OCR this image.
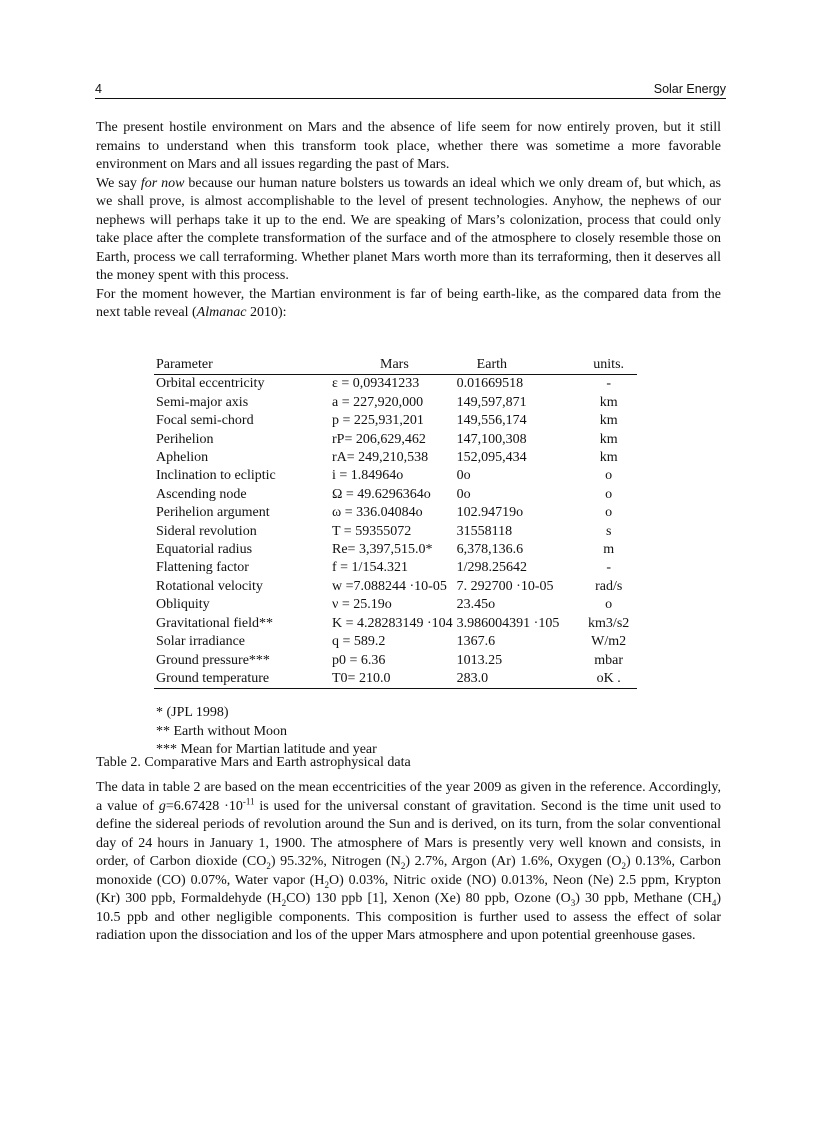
4	Solar Energy

The present hostile environment on Mars and the absence of life seem for now entirely proven, but it still remains to understand when this transform took place, whether there was sometime a more favorable environment on Mars and all issues regarding the past of Mars.

We say for now because our human nature bolsters us towards an ideal which we only dream of, but which, as we shall prove, is almost accomplishable to the level of present technologies. Anyhow, the nephews of our nephews will perhaps take it up to the end. We are speaking of Mars’s colonization, process that could only take place after the complete transformation of the surface and of the atmosphere to closely resemble those on Earth, process we call terraforming. Whether planet Mars worth more than its terraforming, then it deserves all the money spent with this process.

For the moment however, the Martian environment is far of being earth-like, as the compared data from the next table reveal (Almanac 2010):

Parameter	Mars	Earth	units.
Orbital eccentricity	ε = 0,09341233	0.01669518	-
Semi-major axis	a = 227,920,000	149,597,871	km
Focal semi-chord	p = 225,931,201	149,556,174	km
Perihelion	rP= 206,629,462	147,100,308	km
Aphelion	rA= 249,210,538	152,095,434	km
Inclination to ecliptic	i = 1.84964o	0o	o
Ascending node	Ω = 49.6296364o	0o	o
Perihelion argument	ω = 336.04084o	102.94719o	o
Sideral revolution	T = 59355072	31558118	s
Equatorial radius	Re= 3,397,515.0*	6,378,136.6	m
Flattening factor	f = 1/154.321	1/298.25642	-
Rotational velocity	w =7.088244 ·10-05	7. 292700 ·10-05	rad/s
Obliquity	ν = 25.19o	23.45o	o
Gravitational field**	K = 4.28283149 ·104	3.986004391 ·105	km3/s2
Solar irradiance	q = 589.2	1367.6	W/m2
Ground pressure***	p0 = 6.36	1013.25	mbar
Ground temperature	T0= 210.0	283.0	oK .
* (JPL 1998)
** Earth without Moon
*** Mean for Martian latitude and year
Table 2. Comparative Mars and Earth astrophysical data

The data in table 2 are based on the mean eccentricities of the year 2009 as given in the reference. Accordingly, a value of $g=6.67428 \cdot 10^{-11}$ is used for the universal constant of gravitation. Second is the time unit used to define the sidereal periods of revolution around the Sun and is derived, on its turn, from the solar conventional day of 24 hours in January 1, 1900. The atmosphere of Mars is presently very well known and consists, in order, of Carbon dioxide $(CO_2)$ 95.32%, Nitrogen $(N_2)$ 2.7%, Argon (Ar) 1.6%, Oxygen $(O_2)$ 0.13%, Carbon monoxide (CO) 0.07%, Water vapor $(H_2O)$ 0.03%, Nitric oxide (NO) 0.013%, Neon (Ne) 2.5 ppm, Krypton (Kr) 300 ppb, Formaldehyde $(H_2CO)$ 130 ppb [1], Xenon (Xe) 80 ppb, Ozone $(O_3)$ 30 ppb, Methane $(CH_4)$ 10.5 ppb and other negligible components. This composition is further used to assess the effect of solar radiation upon the dissociation and los of the upper Mars atmosphere and upon potential greenhouse gases.
